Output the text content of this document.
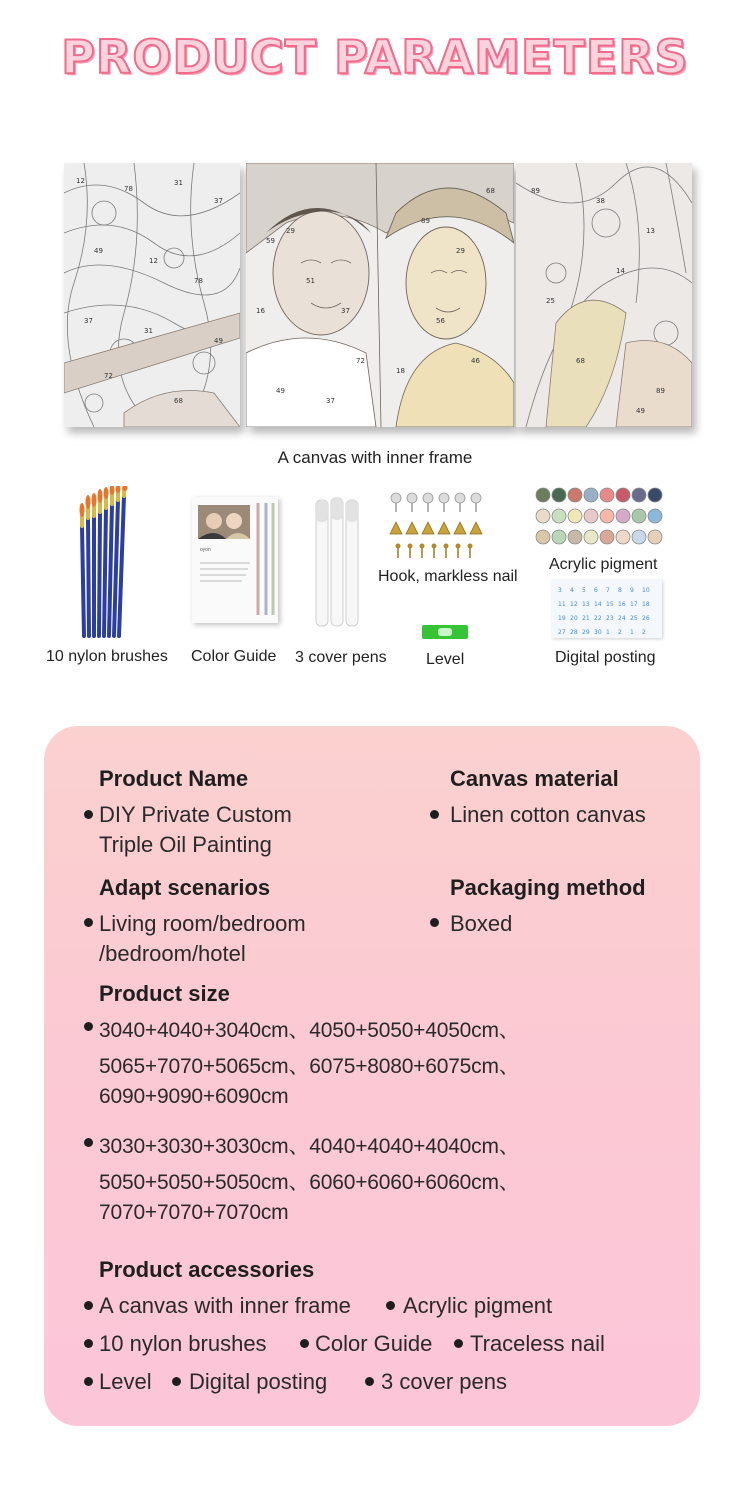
PRODUCT PARAMETERS
12
78
31
37
49
12
78
37
31
49
72
68
59
29
51
37
49
37
89
29
56
46
18
72
68
16
89
38
13
25
14
89
49
68
A canvas with inner frame
10 nylon brushes
oyon
Color Guide 3 cover pens
Hook, markless nail
Level
Acrylic pigment
3 4 5 6 7 8 9 10
11 12 13 14 15 16 17 18
19 20 21 22 23 24 25 26
27 28 29 30 1 2 1 2
Digital posting
Product Name
DIY Private Custom
Triple Oil Painting
Canvas material
Linen cotton canvas
Adapt scenarios
Living room/bedroom
/bedroom/hotel
Packaging method
Boxed
Product size
3040+4040+3040cm、4050+5050+4050cm、
5065+7070+5065cm、6075+8080+6075cm、
6090+9090+6090cm
3030+3030+3030cm、4040+4040+4040cm、
5050+5050+5050cm、6060+6060+6060cm、
7070+7070+7070cm
Product accessories
A canvas with inner frame Acrylic pigment
10 nylon brushes Color Guide Traceless nail
Level Digital posting 3 cover pens
